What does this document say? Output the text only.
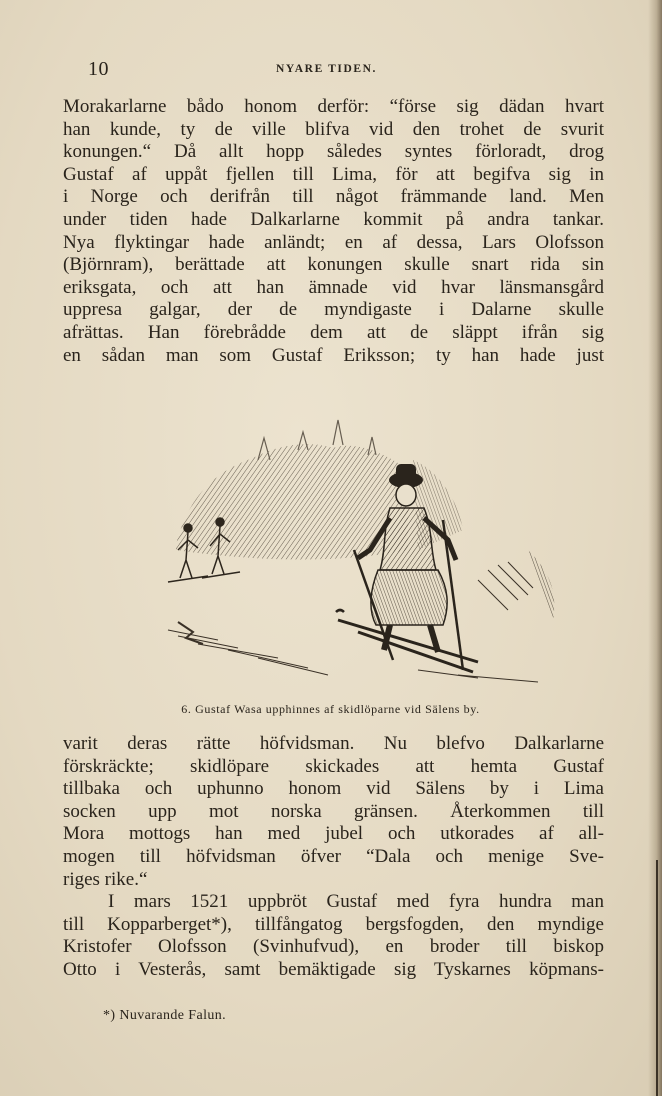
10	NYARE TIDEN.
Morakarlarne bådo honom derför: “förse sig dädan hvart
han kunde, ty de ville blifva vid den trohet de svurit
konungen.“ Då allt hopp således syntes förloradt, drog
Gustaf af uppåt fjellen till Lima, för att begifva sig in
i Norge och derifrån till något främmande land. Men
under tiden hade Dalkarlarne kommit på andra tankar.
Nya flyktingar hade anländt; en af dessa, Lars Olofsson
(Björnram), berättade att konungen skulle snart rida sin
eriksgata, och att han ämnade vid hvar länsmansgård
uppresa galgar, der de myndigaste i Dalarne skulle
afrättas. Han förebrådde dem att de släppt ifrån sig
en sådan man som Gustaf Eriksson; ty han hade just
6. Gustaf Wasa upphinnes af skidlöparne vid Sälens by.
varit deras rätte höfvidsman. Nu blefvo Dalkarlarne
förskräckte; skidlöpare skickades att hemta Gustaf
tillbaka och uphunno honom vid Sälens by i Lima
socken upp mot norska gränsen. Återkommen till
Mora mottogs han med jubel och utkorades af all-
mogen till höfvidsman öfver “Dala och menige Sve-
riges rike.“
I mars 1521 uppbröt Gustaf med fyra hundra man
till Kopparberget*), tillfångatog bergsfogden, den myndige
Kristofer Olofsson (Svinhufvud), en broder till biskop
Otto i Vesterås, samt bemäktigade sig Tyskarnes köpmans-
*) Nuvarande Falun.
